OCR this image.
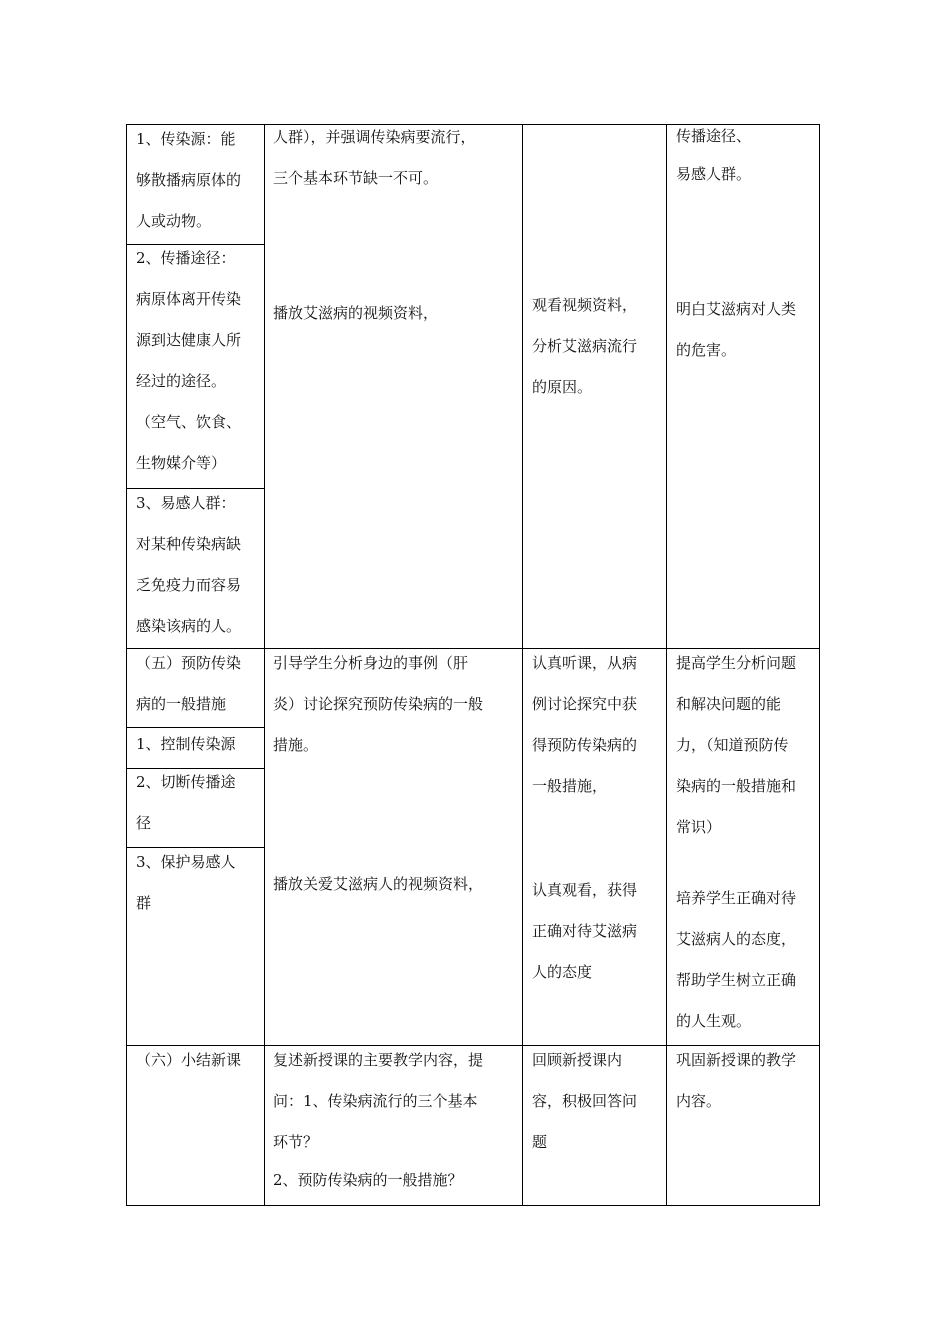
1、传染源：能
够散播病原体的
人或动物。
2、传播途径：
病原体离开传染
源到达健康人所
经过的途径。
（空气、饮食、
生物媒介等）
3、易感人群：
对某种传染病缺
乏免疫力而容易
感染该病的人。
人群），并强调传染病要流行，
三个基本环节缺一不可。
播放艾滋病的视频资料，	观看视频资料，
分析艾滋病流行
的原因。
传播途径、
易感人群。
明白艾滋病对人类
的危害。
（五）预防传染
病的一般措施
1、控制传染源
2、切断传播途
径
3、保护易感人
群
引导学生分析身边的事例（肝
炎）讨论探究预防传染病的一般
措施。
播放关爱艾滋病人的视频资料，
认真听课，从病
例讨论探究中获
得预防传染病的
一般措施，
认真观看，获得
正确对待艾滋病
人的态度
提高学生分析问题
和解决问题的能
力，（知道预防传
染病的一般措施和
常识）
培养学生正确对待
艾滋病人的态度，
帮助学生树立正确
的人生观。
（六）小结新课 复述新授课的主要教学内容，提
问：1、传染病流行的三个基本
环节？
2、预防传染病的一般措施？
回顾新授课内
容，积极回答问
题
巩固新授课的教学
内容。
